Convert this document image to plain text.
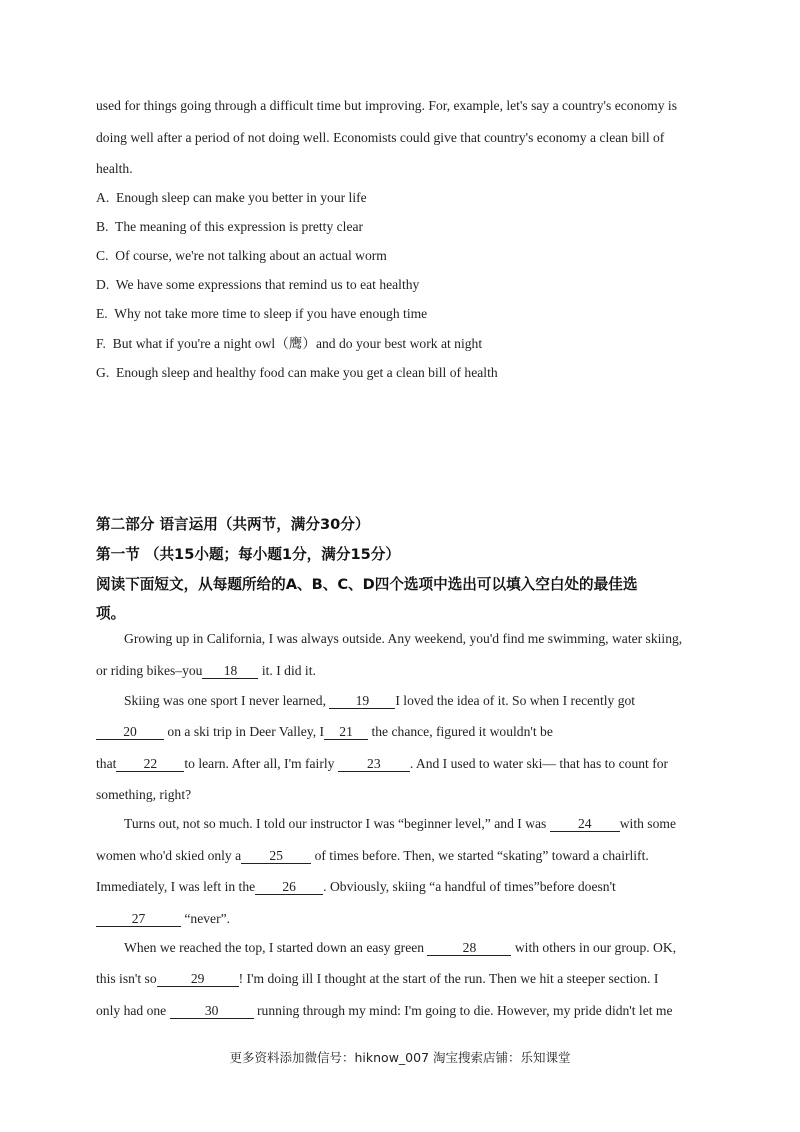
used for things going through a difficult time but improving. For, example, let's say a country's economy is
doing well after a period of not doing well. Economists could give that country's economy a clean bill of
health.
A. Enough sleep can make you better in your life
B. The meaning of this expression is pretty clear
C. Of course, we're not talking about an actual worm
D. We have some expressions that remind us to eat healthy
E. Why not take more time to sleep if you have enough time
F. But what if you're a night owl（鹰）and do your best work at night
G. Enough sleep and healthy food can make you get a clean bill of health
第二部分 语言运用（共两节，满分30分）
第一节 （共15小题；每小题1分，满分15分）
阅读下面短文，从每题所给的A、B、C、D四个选项中选出可以填入空白处的最佳选
项。
Growing up in California, I was always outside. Any weekend, you'd find me swimming, water skiing,
or riding bikes–you 18 it. I did it.
Skiing was one sport I never learned, 19 I loved the idea of it. So when I recently got
20 on a ski trip in Deer Valley, I 21 the chance, figured it wouldn't be
that 22 to learn. After all, I'm fairly 23 . And I used to water ski— that has to count for
something, right?
Turns out, not so much. I told our instructor I was “beginner level,” and I was 24 with some
women who'd skied only a 25 of times before. Then, we started “skating” toward a chairlift.
Immediately, I was left in the 26 . Obviously, skiing “a handful of times”before doesn't
27	“never”.
When we reached the top, I started down an easy green	28	with others in our group. OK,
this isn't so	29	! I'm doing ill I thought at the start of the run. Then we hit a steeper section. I
only had one	30	running through my mind: I'm going to die. However, my pride didn't let me
更多资料添加微信号：hiknow_007 淘宝搜索店铺：乐知课堂
